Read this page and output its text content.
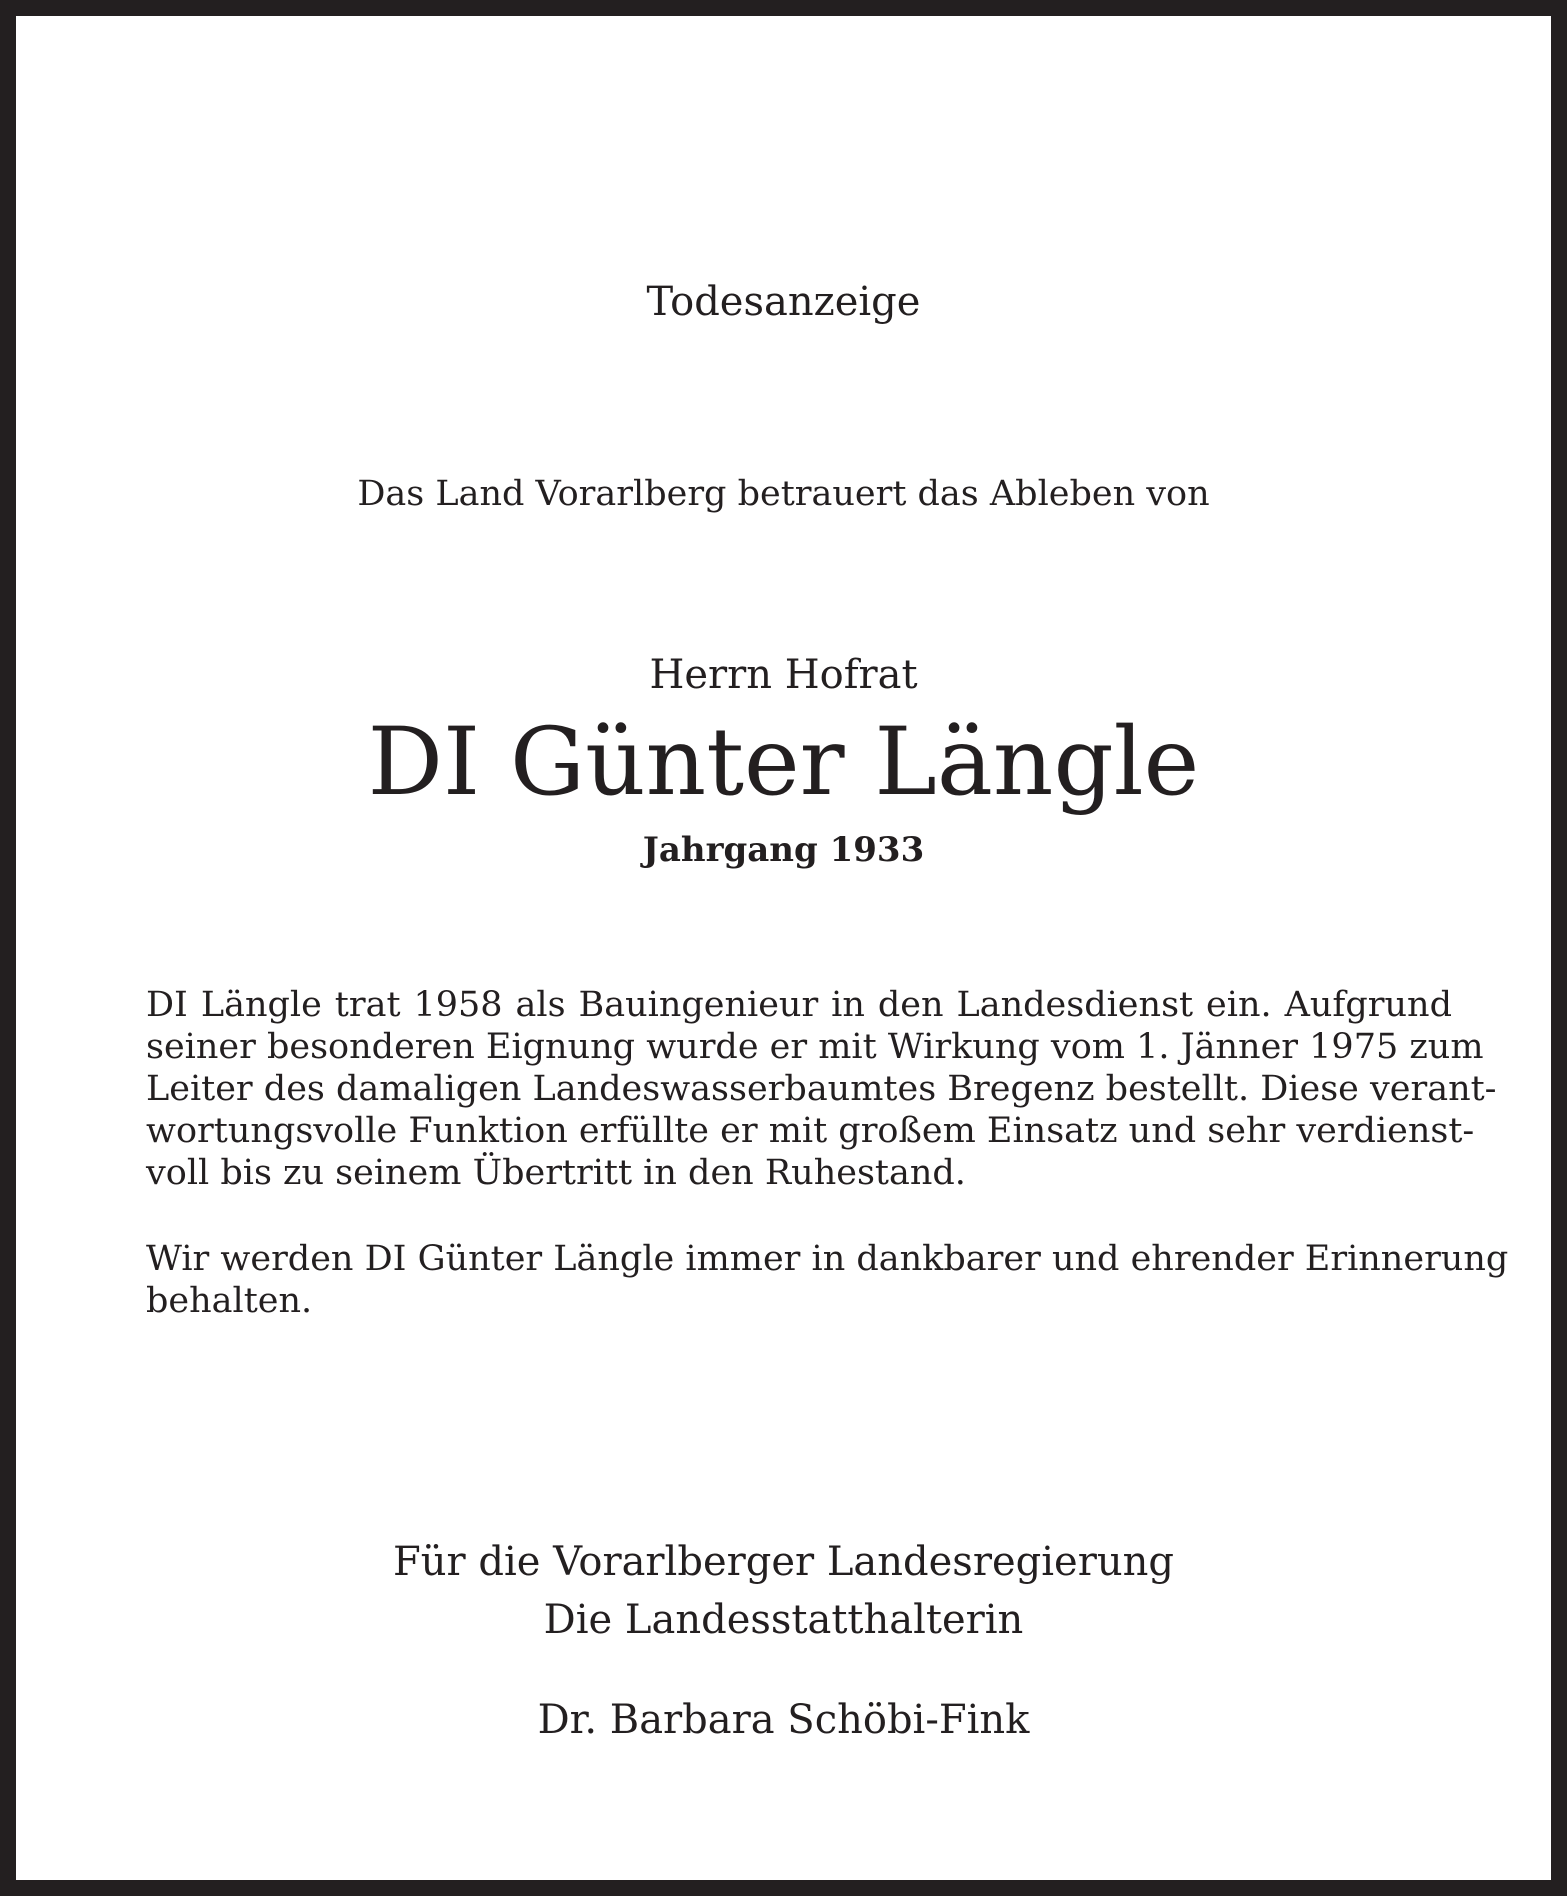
Todesanzeige
Das Land Vorarlberg betrauert das Ableben von
Herrn Hofrat
DI Günter Längle
Jahrgang 1933
DI Längle trat 1958 als Bauingenieur in den Landesdienst ein. Aufgrund
seiner besonderen Eignung wurde er mit Wirkung vom 1. Jänner 1975 zum
Leiter des damaligen Landeswasserbaumtes Bregenz bestellt. Diese verant-
wortungsvolle Funktion erfüllte er mit großem Einsatz und sehr verdienst-
voll bis zu seinem Übertritt in den Ruhestand.
Wir werden DI Günter Längle immer in dankbarer und ehrender Erinnerung
behalten.
Für die Vorarlberger Landesregierung
Die Landesstatthalterin
Dr. Barbara Schöbi-Fink
